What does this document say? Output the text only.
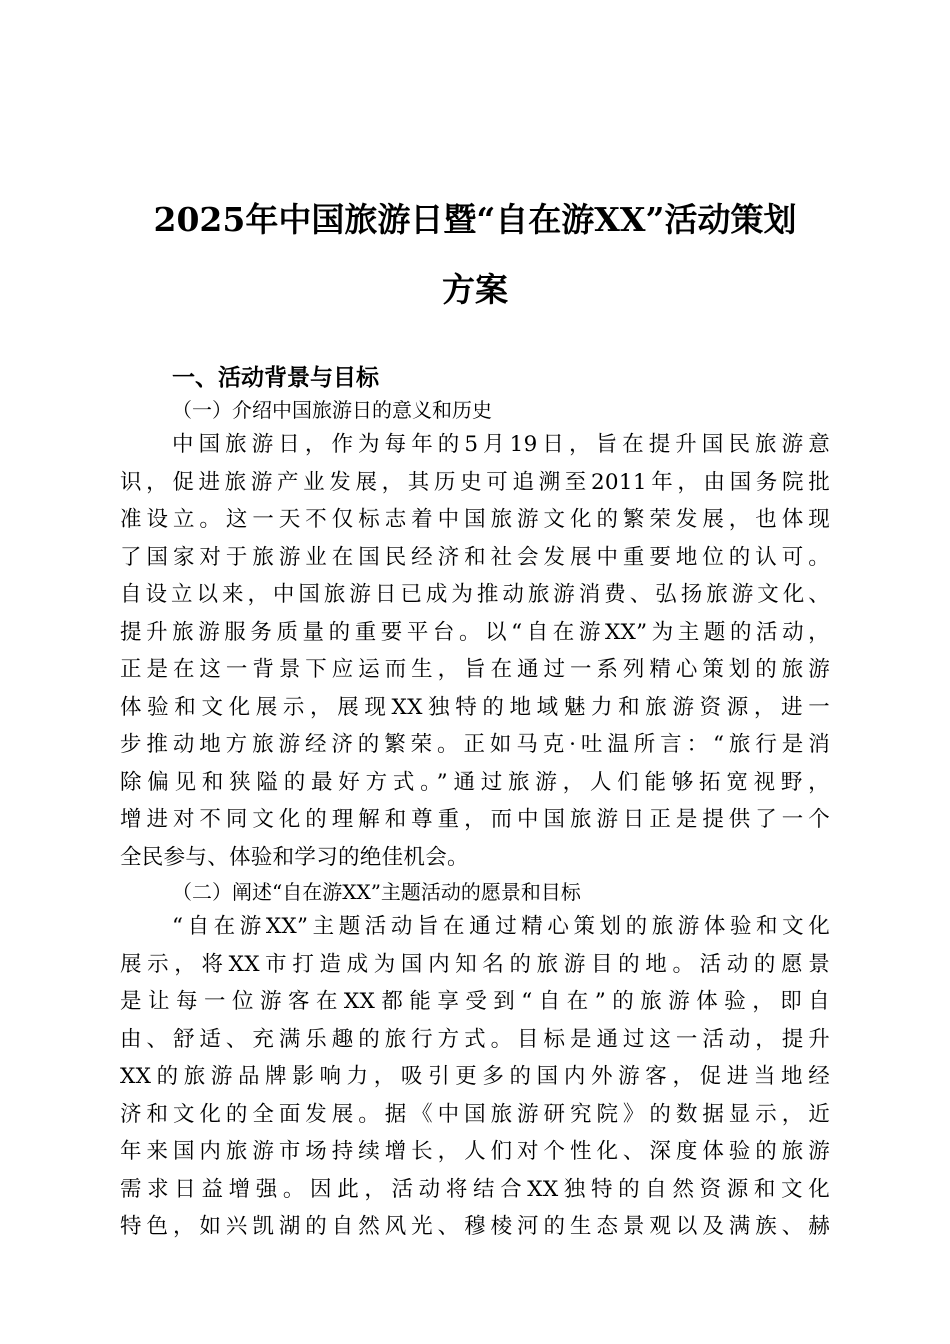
2025年中国旅游日暨“自在游XX”活动策划
方案
一、活动背景与目标
（一）介绍中国旅游日的意义和历史
中国旅游日，作为每年的5月19日，旨在提升国民旅游意
识，促进旅游产业发展，其历史可追溯至2011年，由国务院批
准设立。这一天不仅标志着中国旅游文化的繁荣发展，也体现
了国家对于旅游业在国民经济和社会发展中重要地位的认可。
自设立以来，中国旅游日已成为推动旅游消费、弘扬旅游文化、
提升旅游服务质量的重要平台。以“自在游XX”为主题的活动，
正是在这一背景下应运而生，旨在通过一系列精心策划的旅游
体验和文化展示，展现XX独特的地域魅力和旅游资源，进一
步推动地方旅游经济的繁荣。正如马克·吐温所言：“旅行是消
除偏见和狭隘的最好方式。”通过旅游，人们能够拓宽视野，
增进对不同文化的理解和尊重，而中国旅游日正是提供了一个
全民参与、体验和学习的绝佳机会。
（二）阐述“自在游XX”主题活动的愿景和目标
“自在游XX”主题活动旨在通过精心策划的旅游体验和文化
展示，将XX市打造成为国内知名的旅游目的地。活动的愿景
是让每一位游客在XX都能享受到“自在”的旅游体验，即自
由、舒适、充满乐趣的旅行方式。目标是通过这一活动，提升
XX的旅游品牌影响力，吸引更多的国内外游客，促进当地经
济和文化的全面发展。据《中国旅游研究院》的数据显示，近
年来国内旅游市场持续增长，人们对个性化、深度体验的旅游
需求日益增强。因此，活动将结合XX独特的自然资源和文化
特色，如兴凯湖的自然风光、穆棱河的生态景观以及满族、赫
